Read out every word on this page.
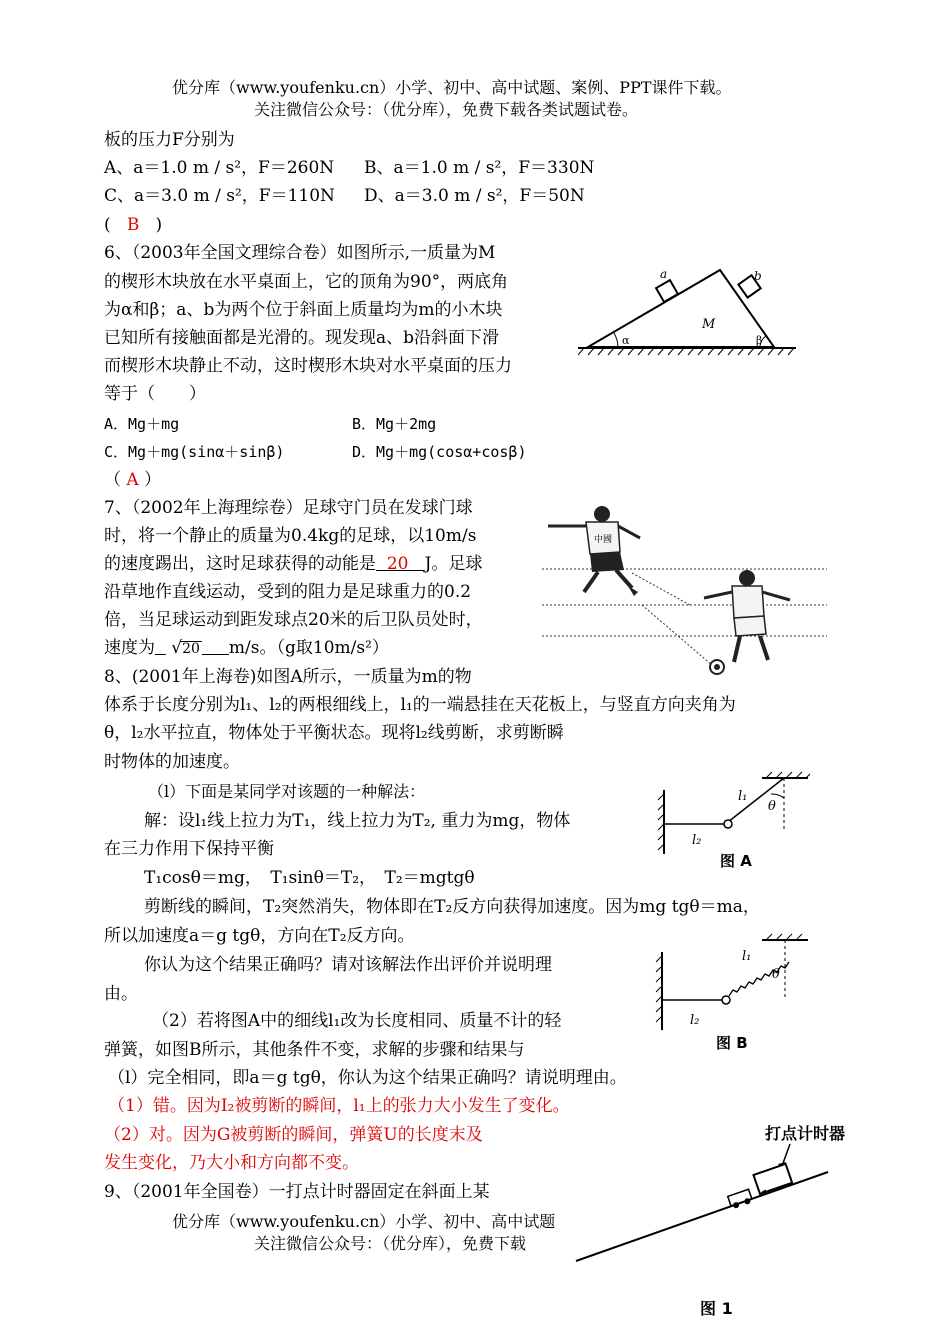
优分库（www.youfenku.cn）小学、初中、高中试题、案例、PPT课件下载。
关注微信公众号：（优分库），免费下载各类试题试卷。
板的压力F分别为
A、a＝1.0 m / s²，F＝260N B、a＝1.0 m / s²，F＝330N
C、a＝3.0 m / s²，F＝110N D、a＝3.0 m / s²，F＝50N
(   B   )
6、（2003年全国文理综合卷）如图所示,一质量为M
的楔形木块放在水平桌面上，它的顶角为90°，两底角
为α和β；a、b为两个位于斜面上质量均为m的小木块
已知所有接触面都是光滑的。现发现a、b沿斜面下滑
而楔形木块静止不动，这时楔形木块对水平桌面的压力
等于（　　）
A．Mg＋mg	B．Mg＋2mg
C．Mg＋mg(sinα＋sinβ)	D．Mg＋mg(cosα+cosβ)
（ A ）
a	b
M
α	β
7、（2002年上海理综卷）足球守门员在发球门球
时，将一个静止的质量为0.4kg的足球，以10m/s
的速度踢出，这时足球获得的动能是 20 J。足球
沿草地作直线运动，受到的阻力是足球重力的0.2
倍，当足球运动到距发球点20米的后卫队员处时，
速度为   √20 m/s。（g取10m/s²）
中國
8、(2001年上海卷)如图A所示，一质量为m的物
体系于长度分别为l₁、l₂的两根细线上，l₁的一端悬挂在天花板上，与竖直方向夹角为
θ，l₂水平拉直，物体处于平衡状态。现将l₂线剪断，求剪断瞬
时物体的加速度。
（l）下面是某同学对该题的一种解法：
解：设l₁线上拉力为T₁，线上拉力为T₂, 重力为mg，物体
在三力作用下保持平衡
T₁cosθ＝mg，　T₁sinθ＝T₂，　T₂＝mgtgθ
剪断线的瞬间，T₂突然消失，物体即在T₂反方向获得加速度。因为mg tgθ＝ma，
所以加速度a＝g tgθ，方向在T₂反方向。
你认为这个结果正确吗？请对该解法作出评价并说明理
由。
（2）若将图A中的细线l₁改为长度相同、质量不计的轻
弹簧，如图B所示，其他条件不变，求解的步骤和结果与
（l）完全相同，即a＝g tgθ，你认为这个结果正确吗？请说明理由。
（1）错。因为I₂被剪断的瞬间，l₁上的张力大小发生了变化。
（2）对。因为G被剪断的瞬间，弹簧U的长度末及
发生变化，乃大小和方向都不变。
l₁
θ
l₂
图 A
l₁
θ
l₂
图 B
9、（2001年全国卷）一打点计时器固定在斜面上某
打点计时器
图 1
优分库（www.youfenku.cn）小学、初中、高中试题
关注微信公众号：（优分库），免费下载
